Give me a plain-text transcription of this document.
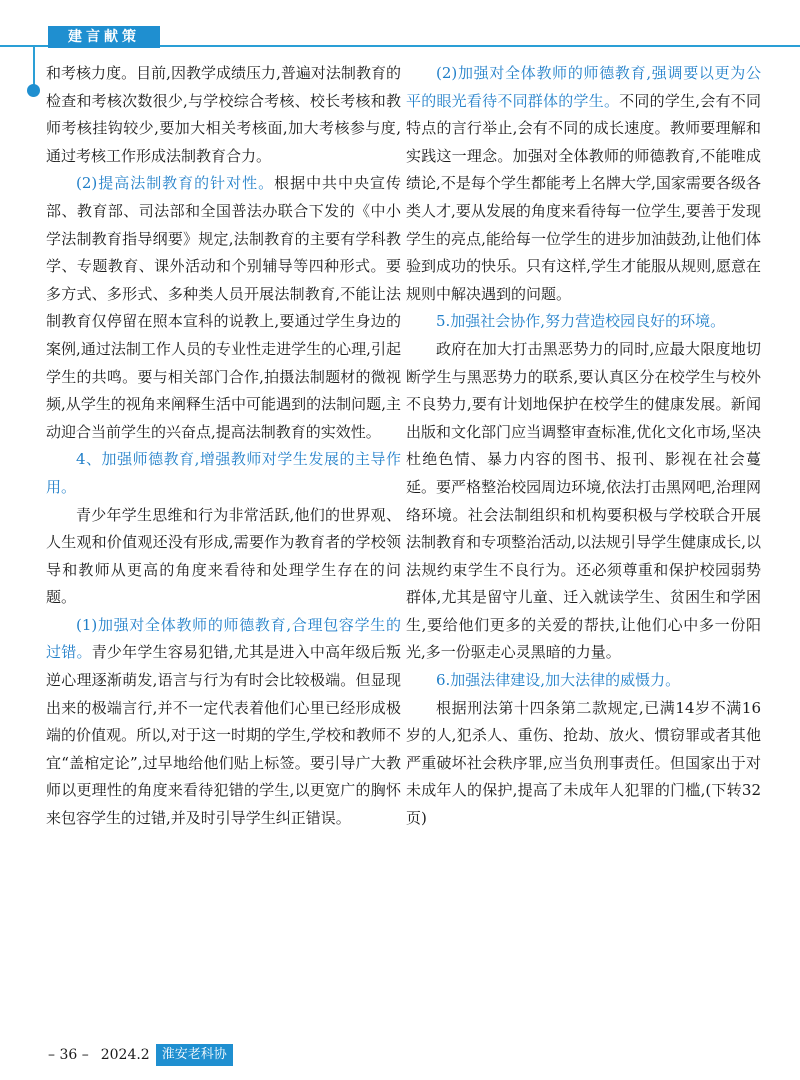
建言献策

和考核力度。目前,因教学成绩压力,普遍对法制教育的检查和考核次数很少,与学校综合考核、校长考核和教师考核挂钩较少,要加大相关考核面,加大考核参与度,通过考核工作形成法制教育合力。

(2)提高法制教育的针对性。根据中共中央宣传部、教育部、司法部和全国普法办联合下发的《中小学法制教育指导纲要》规定,法制教育的主要有学科教学、专题教育、课外活动和个别辅导等四种形式。要多方式、多形式、多种类人员开展法制教育,不能让法制教育仅停留在照本宣科的说教上,要通过学生身边的案例,通过法制工作人员的专业性走进学生的心理,引起学生的共鸣。要与相关部门合作,拍摄法制题材的微视频,从学生的视角来阐释生活中可能遇到的法制问题,主动迎合当前学生的兴奋点,提高法制教育的实效性。

4、加强师德教育,增强教师对学生发展的主导作用。

青少年学生思维和行为非常活跃,他们的世界观、人生观和价值观还没有形成,需要作为教育者的学校领导和教师从更高的角度来看待和处理学生存在的问题。

(1)加强对全体教师的师德教育,合理包容学生的过错。青少年学生容易犯错,尤其是进入中高年级后叛逆心理逐渐萌发,语言与行为有时会比较极端。但显现出来的极端言行,并不一定代表着他们心里已经形成极端的价值观。所以,对于这一时期的学生,学校和教师不宜“盖棺定论”,过早地给他们贴上标签。要引导广大教师以更理性的角度来看待犯错的学生,以更宽广的胸怀来包容学生的过错,并及时引导学生纠正错误。

(2)加强对全体教师的师德教育,强调要以更为公平的眼光看待不同群体的学生。不同的学生,会有不同特点的言行举止,会有不同的成长速度。教师要理解和实践这一理念。加强对全体教师的师德教育,不能唯成绩论,不是每个学生都能考上名牌大学,国家需要各级各类人才,要从发展的角度来看待每一位学生,要善于发现学生的亮点,能给每一位学生的进步加油鼓劲,让他们体验到成功的快乐。只有这样,学生才能服从规则,愿意在规则中解决遇到的问题。

5.加强社会协作,努力营造校园良好的环境。

政府在加大打击黑恶势力的同时,应最大限度地切断学生与黑恶势力的联系,要认真区分在校学生与校外不良势力,要有计划地保护在校学生的健康发展。新闻出版和文化部门应当调整审查标准,优化文化市场,坚决杜绝色情、暴力内容的图书、报刊、影视在社会蔓延。要严格整治校园周边环境,依法打击黑网吧,治理网络环境。社会法制组织和机构要积极与学校联合开展法制教育和专项整治活动,以法规引导学生健康成长,以法规约束学生不良行为。还必须尊重和保护校园弱势群体,尤其是留守儿童、迁入就读学生、贫困生和学困生,要给他们更多的关爱的帮扶,让他们心中多一份阳光,多一份驱走心灵黑暗的力量。

6.加强法律建设,加大法律的威慑力。

根据刑法第十四条第二款规定,已满14岁不满16岁的人,犯杀人、重伤、抢劫、放火、惯窃罪或者其他严重破坏社会秩序罪,应当负刑事责任。但国家出于对未成年人的保护,提高了未成年人犯罪的门槛,(下转32页)

– 36 – 2024.2 淮安老科协
